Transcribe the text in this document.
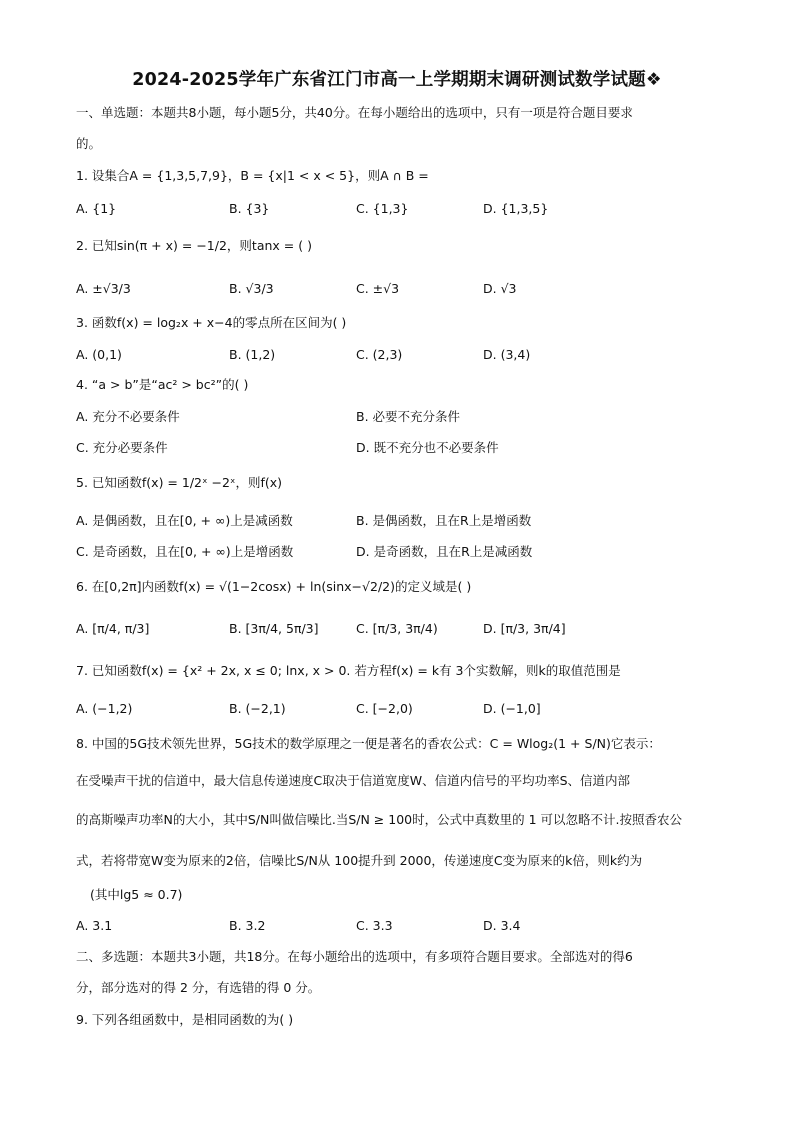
2024-2025学年广东省江门市高一上学期期末调研测试数学试题❖
一、单选题：本题共8小题，每小题5分，共40分。在每小题给出的选项中，只有一项是符合题目要求
的。
1. 设集合A = {1,3,5,7,9}，B = {x|1 < x < 5}，则A ∩ B =
A. {1}	B. {3}	C. {1,3}	D. {1,3,5}
2. 已知sin(π + x) = −1/2，则tanx = ( )
A. ±√3/3	B. √3/3	C. ±√3	D. √3
3. 函数f(x) = log₂x + x−4的零点所在区间为( )
A. (0,1)	B. (1,2)	C. (2,3)	D. (3,4)
4. “a > b”是“ac² > bc²”的( )
A. 充分不必要条件	B. 必要不充分条件
C. 充分必要条件	D. 既不充分也不必要条件
5. 已知函数f(x) = 1/2ˣ −2ˣ，则f(x)
A. 是偶函数，且在[0, + ∞)上是减函数	B. 是偶函数，且在R上是增函数
C. 是奇函数，且在[0, + ∞)上是增函数	D. 是奇函数，且在R上是减函数
6. 在[0,2π]内函数f(x) = √(1−2cosx) + ln(sinx−√2/2)的定义域是( )
A. [π/4, π/3]	B. [3π/4, 5π/3]	C. [π/3, 3π/4)	D. [π/3, 3π/4]
7. 已知函数f(x) = {x² + 2x, x ≤ 0; lnx, x > 0. 若方程f(x) = k有 3个实数解，则k的取值范围是
A. (−1,2)	B. (−2,1)	C. [−2,0)	D. (−1,0]
8. 中国的5G技术领先世界，5G技术的数学原理之一便是著名的香农公式：C = Wlog₂(1 + S/N)它表示：
在受噪声干扰的信道中，最大信息传递速度C取决于信道宽度W、信道内信号的平均功率S、信道内部
的高斯噪声功率N的大小，其中S/N叫做信噪比.当S/N ≥ 100时，公式中真数里的 1 可以忽略不计.按照香农公
式，若将带宽W变为原来的2倍，信噪比S/N从 100提升到 2000，传递速度C变为原来的k倍，则k约为
(其中lg5 ≈ 0.7)
A. 3.1	B. 3.2	C. 3.3	D. 3.4
二、多选题：本题共3小题，共18分。在每小题给出的选项中，有多项符合题目要求。全部选对的得6
分，部分选对的得 2 分，有选错的得 0 分。
9. 下列各组函数中，是相同函数的为( )
